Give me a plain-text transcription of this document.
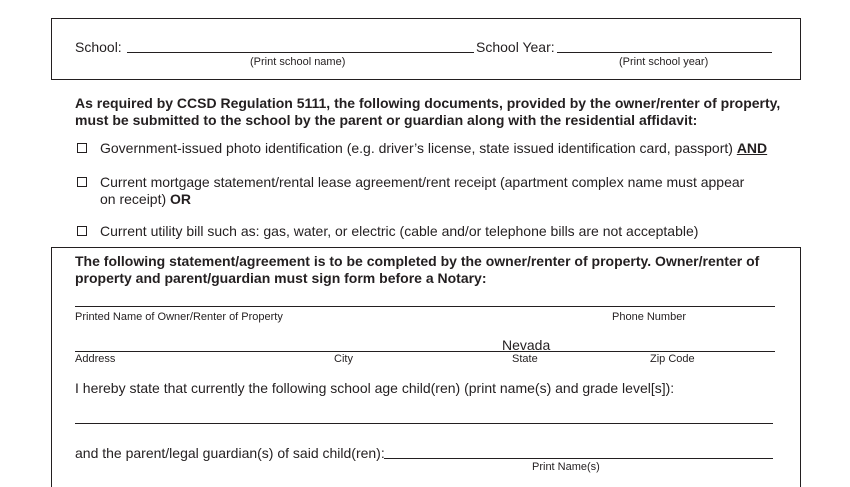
School:
(Print school name)
School Year:
(Print school year)
As required by CCSD Regulation 5111, the following documents, provided by the owner/renter of property,
must be submitted to the school by the parent or guardian along with the residential affidavit:
Government-issued photo identification (e.g. driver’s license, state issued identification card, passport) AND
Current mortgage statement/rental lease agreement/rent receipt (apartment complex name must appear
on receipt) OR
Current utility bill such as: gas, water, or electric (cable and/or telephone bills are not acceptable)
The following statement/agreement is to be completed by the owner/renter of property. Owner/renter of
property and parent/guardian must sign form before a Notary:
Printed Name of Owner/Renter of Property	Phone Number
Nevada
Address	City	State	Zip Code
I hereby state that currently the following school age child(ren) (print name(s) and grade level[s]):
and the parent/legal guardian(s) of said child(ren):
Print Name(s)
